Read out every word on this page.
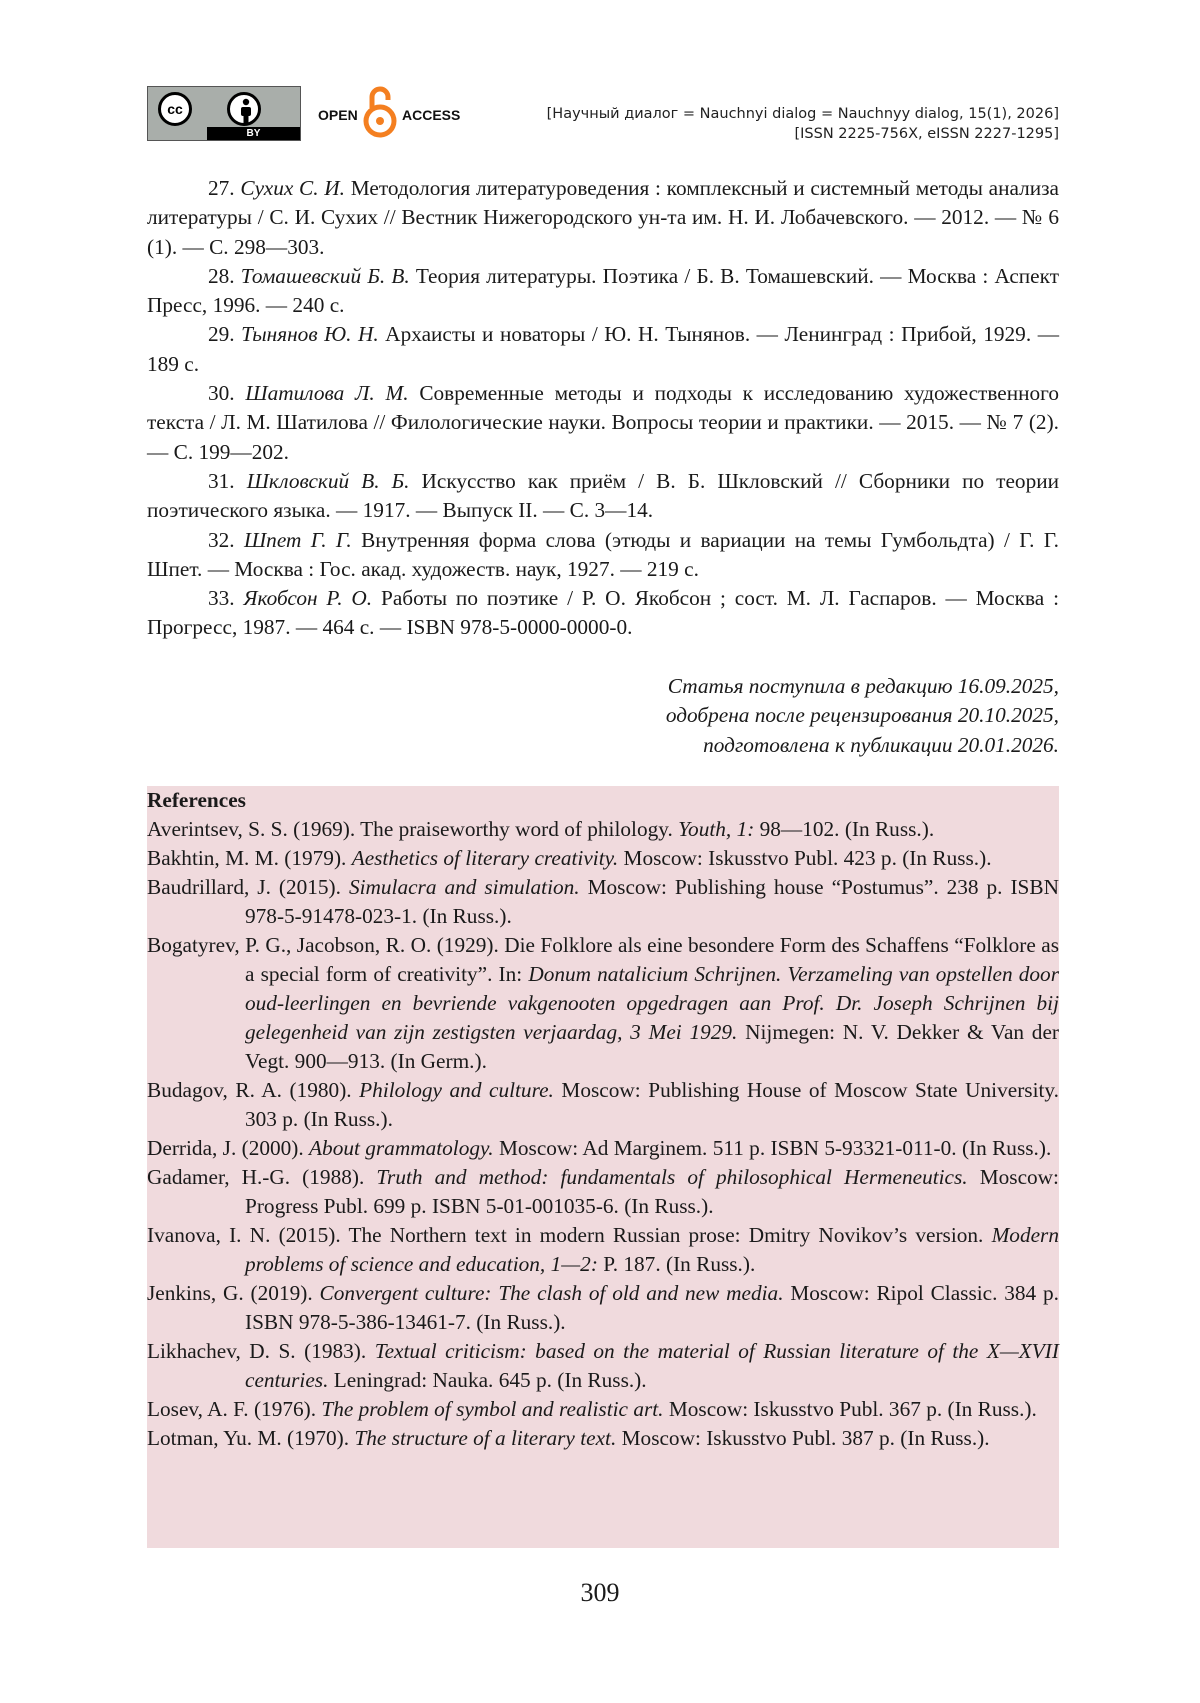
cc
BY
OPEN	ACCESS	[Научный диалог = Nauchnyi dialog = Nauchnyy dialog, 15(1), 2026]
[ISSN 2225-756X, eISSN 2227-1295]

27. Сухих С. И. Методология литературоведения : комплексный и системный методы анализа литературы / С. И. Сухих // Вестник Нижегородского ун-та им. Н. И. Лобачевского. — 2012. — № 6 (1). — С. 298—303.

28. Томашевский Б. В. Теория литературы. Поэтика / Б. В. Томашевский. — Москва : Аспект Пресс, 1996. — 240 с.

29. Тынянов Ю. Н. Архаисты и новаторы / Ю. Н. Тынянов. — Ленинград : Прибой, 1929. — 189 с.

30. Шатилова Л. М. Современные методы и подходы к исследованию художественного текста / Л. М. Шатилова // Филологические науки. Вопросы теории и практики. — 2015. — № 7 (2). — С. 199—202.

31. Шкловский В. Б. Искусство как приём / В. Б. Шкловский // Сборники по теории поэтического языка. — 1917. — Выпуск II. — С. 3—14.

32. Шпет Г. Г. Внутренняя форма слова (этюды и вариации на темы Гумбольдта) / Г. Г. Шпет. — Москва : Гос. акад. художеств. наук, 1927. — 219 с.

33. Якобсон Р. О. Работы по поэтике / Р. О. Якобсон ; сост. М. Л. Гаспаров. — Москва : Прогресс, 1987. — 464 с. — ISBN 978-5-0000-0000-0.

Статья поступила в редакцию 16.09.2025,
одобрена после рецензирования 20.10.2025,
подготовлена к публикации 20.01.2026.
References

Averintsev, S. S. (1969). The praiseworthy word of philology. Youth, 1: 98—102. (In Russ.).

Bakhtin, M. M. (1979). Aesthetics of literary creativity. Moscow: Iskusstvo Publ. 423 p. (In Russ.).

Baudrillard, J. (2015). Simulacra and simulation. Moscow: Publishing house “Postumus”. 238 p. ISBN 978-5-91478-023-1. (In Russ.).

Bogatyrev, P. G., Jacobson, R. O. (1929). Die Folklore als eine besondere Form des Schaffens “Folklore as a special form of creativity”. In: Donum natalicium Schrijnen. Verzameling van opstellen door oud-leerlingen en bevriende vakgenooten opgedragen aan Prof. Dr. Joseph Schrijnen bij gelegenheid van zijn zestigsten verjaardag, 3 Mei 1929. Nijmegen: N. V. Dekker & Van der Vegt. 900—913. (In Germ.).

Budagov, R. A. (1980). Philology and culture. Moscow: Publishing House of Moscow State University. 303 p. (In Russ.).

Derrida, J. (2000). About grammatology. Moscow: Ad Marginem. 511 p. ISBN 5-93321-011-0. (In Russ.).

Gadamer, H.-G. (1988). Truth and method: fundamentals of philosophical Hermeneutics. Moscow: Progress Publ. 699 p. ISBN 5-01-001035-6. (In Russ.).

Ivanova, I. N. (2015). The Northern text in modern Russian prose: Dmitry Novikov’s version. Modern problems of science and education, 1—2: P. 187. (In Russ.).

Jenkins, G. (2019). Convergent culture: The clash of old and new media. Moscow: Ripol Classic. 384 p. ISBN 978-5-386-13461-7. (In Russ.).

Likhachev, D. S. (1983). Textual criticism: based on the material of Russian literature of the X—XVII centuries. Leningrad: Nauka. 645 p. (In Russ.).

Losev, A. F. (1976). The problem of symbol and realistic art. Moscow: Iskusstvo Publ. 367 p. (In Russ.).

Lotman, Yu. M. (1970). The structure of a literary text. Moscow: Iskusstvo Publ. 387 p. (In Russ.).

309
